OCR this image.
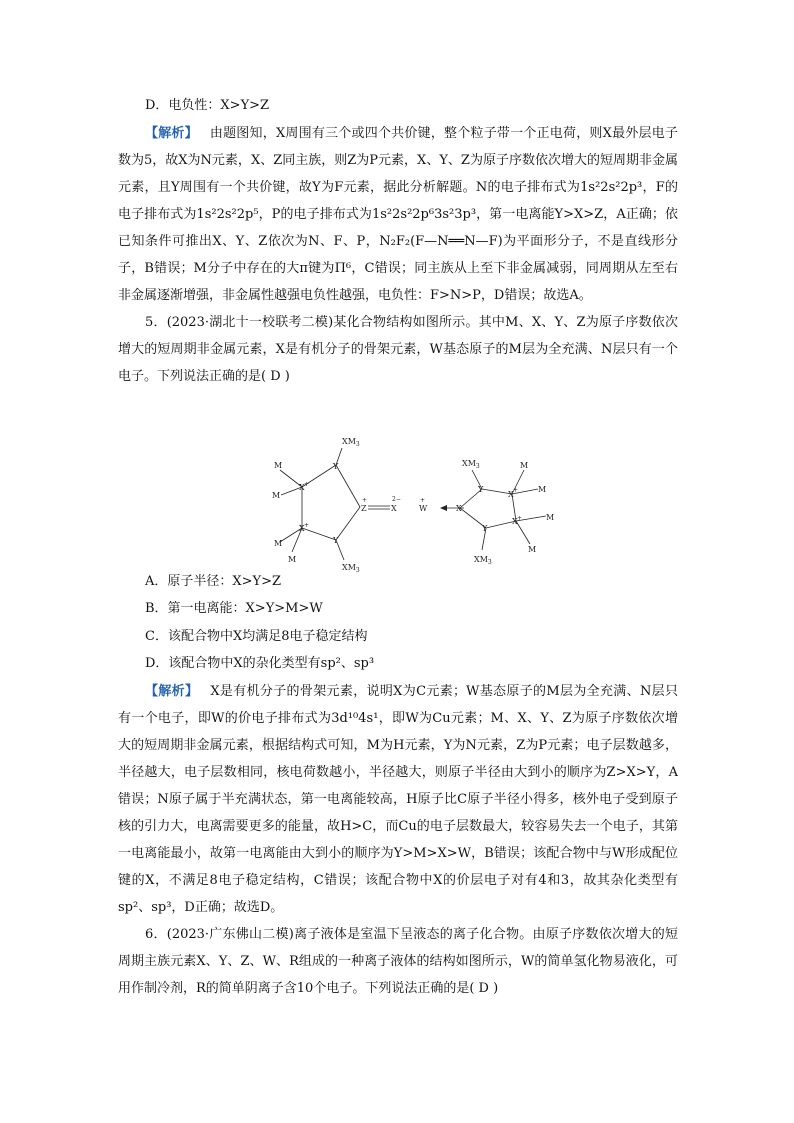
D．电负性：X>Y>Z

【解析】 由题图知，X周围有三个或四个共价键，整个粒子带一个正电荷，则X最外层电子数为5，故X为N元素，X、Z同主族，则Z为P元素，X、Y、Z为原子序数依次增大的短周期非金属元素，且Y周围有一个共价键，故Y为F元素，据此分析解题。N的电子排布式为1s²2s²2p³，F的电子排布式为1s²2s²2p⁵，P的电子排布式为1s²2s²2p⁶3s²3p³，第一电离能Y>X>Z，A正确；依已知条件可推出X、Y、Z依次为N、F、P，N₂F₂(F—N══N—F)为平面形分子，不是直线形分子，B错误；M分子中存在的大π键为Π⁶，C错误；同主族从上至下非金属减弱，同周期从左至右非金属逐渐增强，非金属性越强电负性越强，电负性：F>N>P，D错误；故选A。

5．(2023·湖北十一校联考二模)某化合物结构如图所示。其中M、X、Y、Z为原子序数依次增大的短周期非金属元素，X是有机分子的骨架元素，W基态原子的M层为全充满、N层只有一个电子。下列说法正确的是( D )

A．原子半径：X>Y>Z

B．第一电离能：X>Y>M>W

C．该配合物中X均满足8电子稳定结构

D．该配合物中X的杂化类型有sp²、sp³

【解析】 X是有机分子的骨架元素，说明X为C元素；W基态原子的M层为全充满、N层只有一个电子，即W的价电子排布式为3d¹⁰4s¹，即W为Cu元素；M、X、Y、Z为原子序数依次增大的短周期非金属元素，根据结构式可知，M为H元素，Y为N元素，Z为P元素；电子层数越多，半径越大，电子层数相同，核电荷数越小，半径越大，则原子半径由大到小的顺序为Z>X>Y，A错误；N原子属于半充满状态，第一电离能较高，H原子比C原子半径小得多，核外电子受到原子核的引力大，电离需要更多的能量，故H>C，而Cu的电子层数最大，较容易失去一个电子，其第一电离能最小，故第一电离能由大到小的顺序为Y>M>X>W，B错误；该配合物中与W形成配位键的X，不满足8电子稳定结构，C错误；该配合物中X的价层电子对有4和3，故其杂化类型有sp²、sp³，D正确；故选D。

6．(2023·广东佛山二模)离子液体是室温下呈液态的离子化合物。由原子序数依次增大的短周期主族元素X、Y、Z、W、R组成的一种离子液体的结构如图所示，W的简单氢化物易液化，可用作制冷剂，R的简单阴离子含10个电子。下列说法正确的是( D )

$XM_3$
Y
M
M
X +
X +
M
M
Y
$XM_3$
Z
+
X
2−
W
+
X
Y
$XM_3$
X +
M
M
X +	M
M
Y
$XM_3$
